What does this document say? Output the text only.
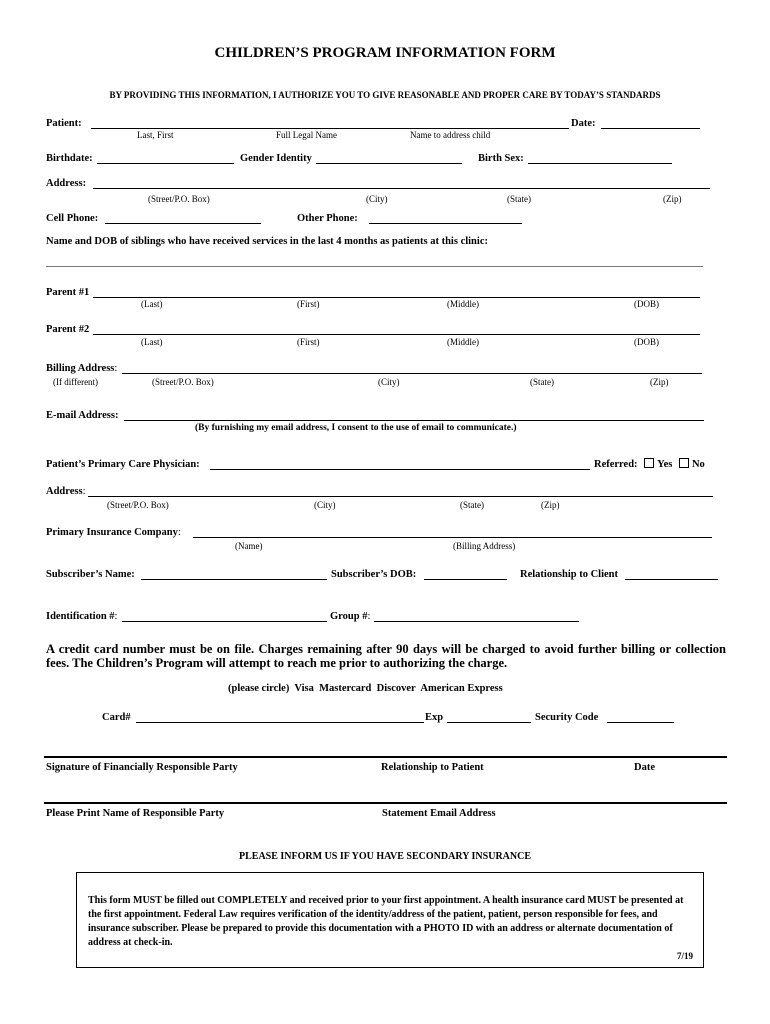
CHILDREN’S PROGRAM INFORMATION FORM
BY PROVIDING THIS INFORMATION, I AUTHORIZE YOU TO GIVE REASONABLE AND PROPER CARE BY TODAY’S STANDARDS
Patient:	Date:
Last, First	Full Legal Name	Name to address child
Birthdate:	Gender Identity	Birth Sex:
Address:
(Street/P.O. Box)	(City)	(State)	(Zip)
Cell Phone:	Other Phone:
Name and DOB of siblings who have received services in the last 4 months as patients at this clinic:
Parent #1
(Last)	(First)	(Middle)	(DOB)
Parent #2
(Last)	(First)	(Middle)	(DOB)
Billing Address:
(If different)	(Street/P.O. Box)	(City)	(State)	(Zip)
E-mail Address:
(By furnishing my email address, I consent to the use of email to communicate.)
Patient’s Primary Care Physician:	Referred: Yes No
Address:
(Street/P.O. Box)	(City)	(State)	(Zip)
Primary Insurance Company:
(Name)	(Billing Address)
Subscriber’s Name:	Subscriber’s DOB:	Relationship to Client
Identification #:	Group #:
A credit card number must be on file. Charges remaining after 90 days will be charged to avoid further billing or collection fees. The Children’s Program will attempt to reach me prior to authorizing the charge.
(please circle) Visa Mastercard Discover American Express
Card#	Exp	Security Code
Signature of Financially Responsible Party	Relationship to Patient	Date
Please Print Name of Responsible Party	Statement Email Address
PLEASE INFORM US IF YOU HAVE SECONDARY INSURANCE
This form MUST be filled out COMPLETELY and received prior to your first appointment. A health insurance card MUST be presented at the first appointment. Federal Law requires verification of the identity/address of the patient, patient, person responsible for fees, and insurance subscriber. Please be prepared to provide this documentation with a PHOTO ID with an address or alternate documentation of address at check-in.
7/19
